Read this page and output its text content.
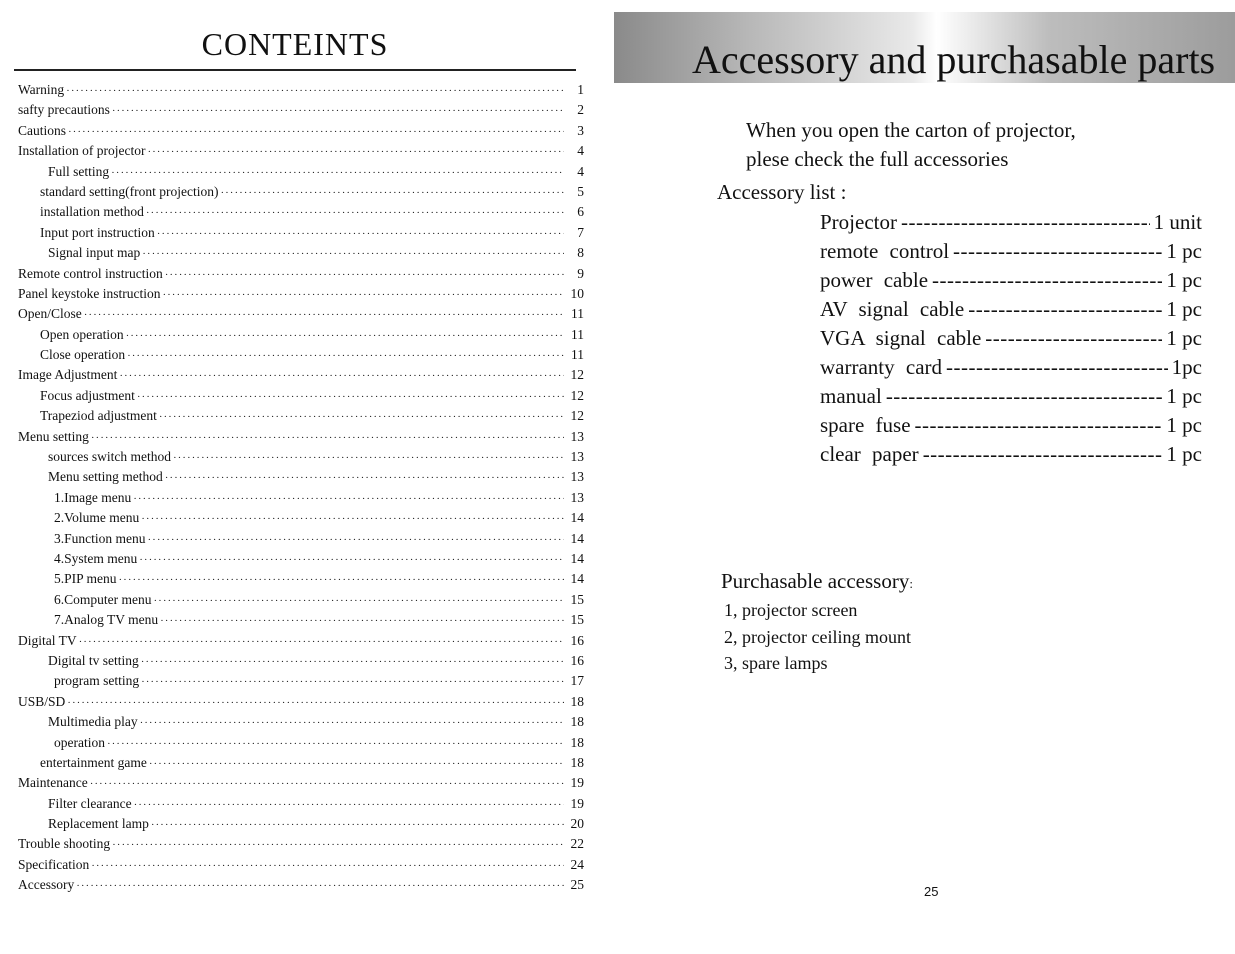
CONTEINTS
Warning ·····	1
safty precautions ·····	2
Cautions ·····	3
Installation of projector ·····	4
Full setting ·····	4
standard setting(front projection) ·····	5
installation method ·····	6
Input port instruction ·····	7
Signal input map ·····	8
Remote control instruction ·····	9
Panel keystoke instruction ·····	10
Open/Close ·····	11
Open operation ·····	11
Close operation ·····	11
Image Adjustment ·····	12
Focus adjustment ·····	12
Trapeziod adjustment ·····	12
Menu setting ·····	13
sources switch method ·····	13
Menu setting method ·····	13
1.Image menu ·····	13
2.Volume menu ·····	14
3.Function menu ·····	14
4.System menu ·····	14
5.PIP menu ·····	14
6.Computer menu ·····	15
7.Analog TV menu ·····	15
Digital TV ·····	16
Digital tv setting ·····	16
program setting ·····	17
USB/SD ·····	18
Multimedia play ·····	18
operation ·····	18
entertainment game ·····	18
Maintenance ·····	19
Filter clearance ·····	19
Replacement lamp ·····	20
Trouble shooting ·····	22
Specification ·····	24
Accessory ·····	25
Accessory and purchasable parts
When you open the carton of projector,
plese check the full accessories
Accessory list :
Projector -----	1 unit
remote control -----	1 pc
power cable -----	1 pc
AV signal cable -----	1 pc
VGA signal cable -----	1 pc
warranty card -----	1pc
manual -----	1 pc
spare fuse -----	1 pc
clear paper -----	1 pc
Purchasable accessory:
1, projector screen
2, projector ceiling mount
3, spare lamps
25
